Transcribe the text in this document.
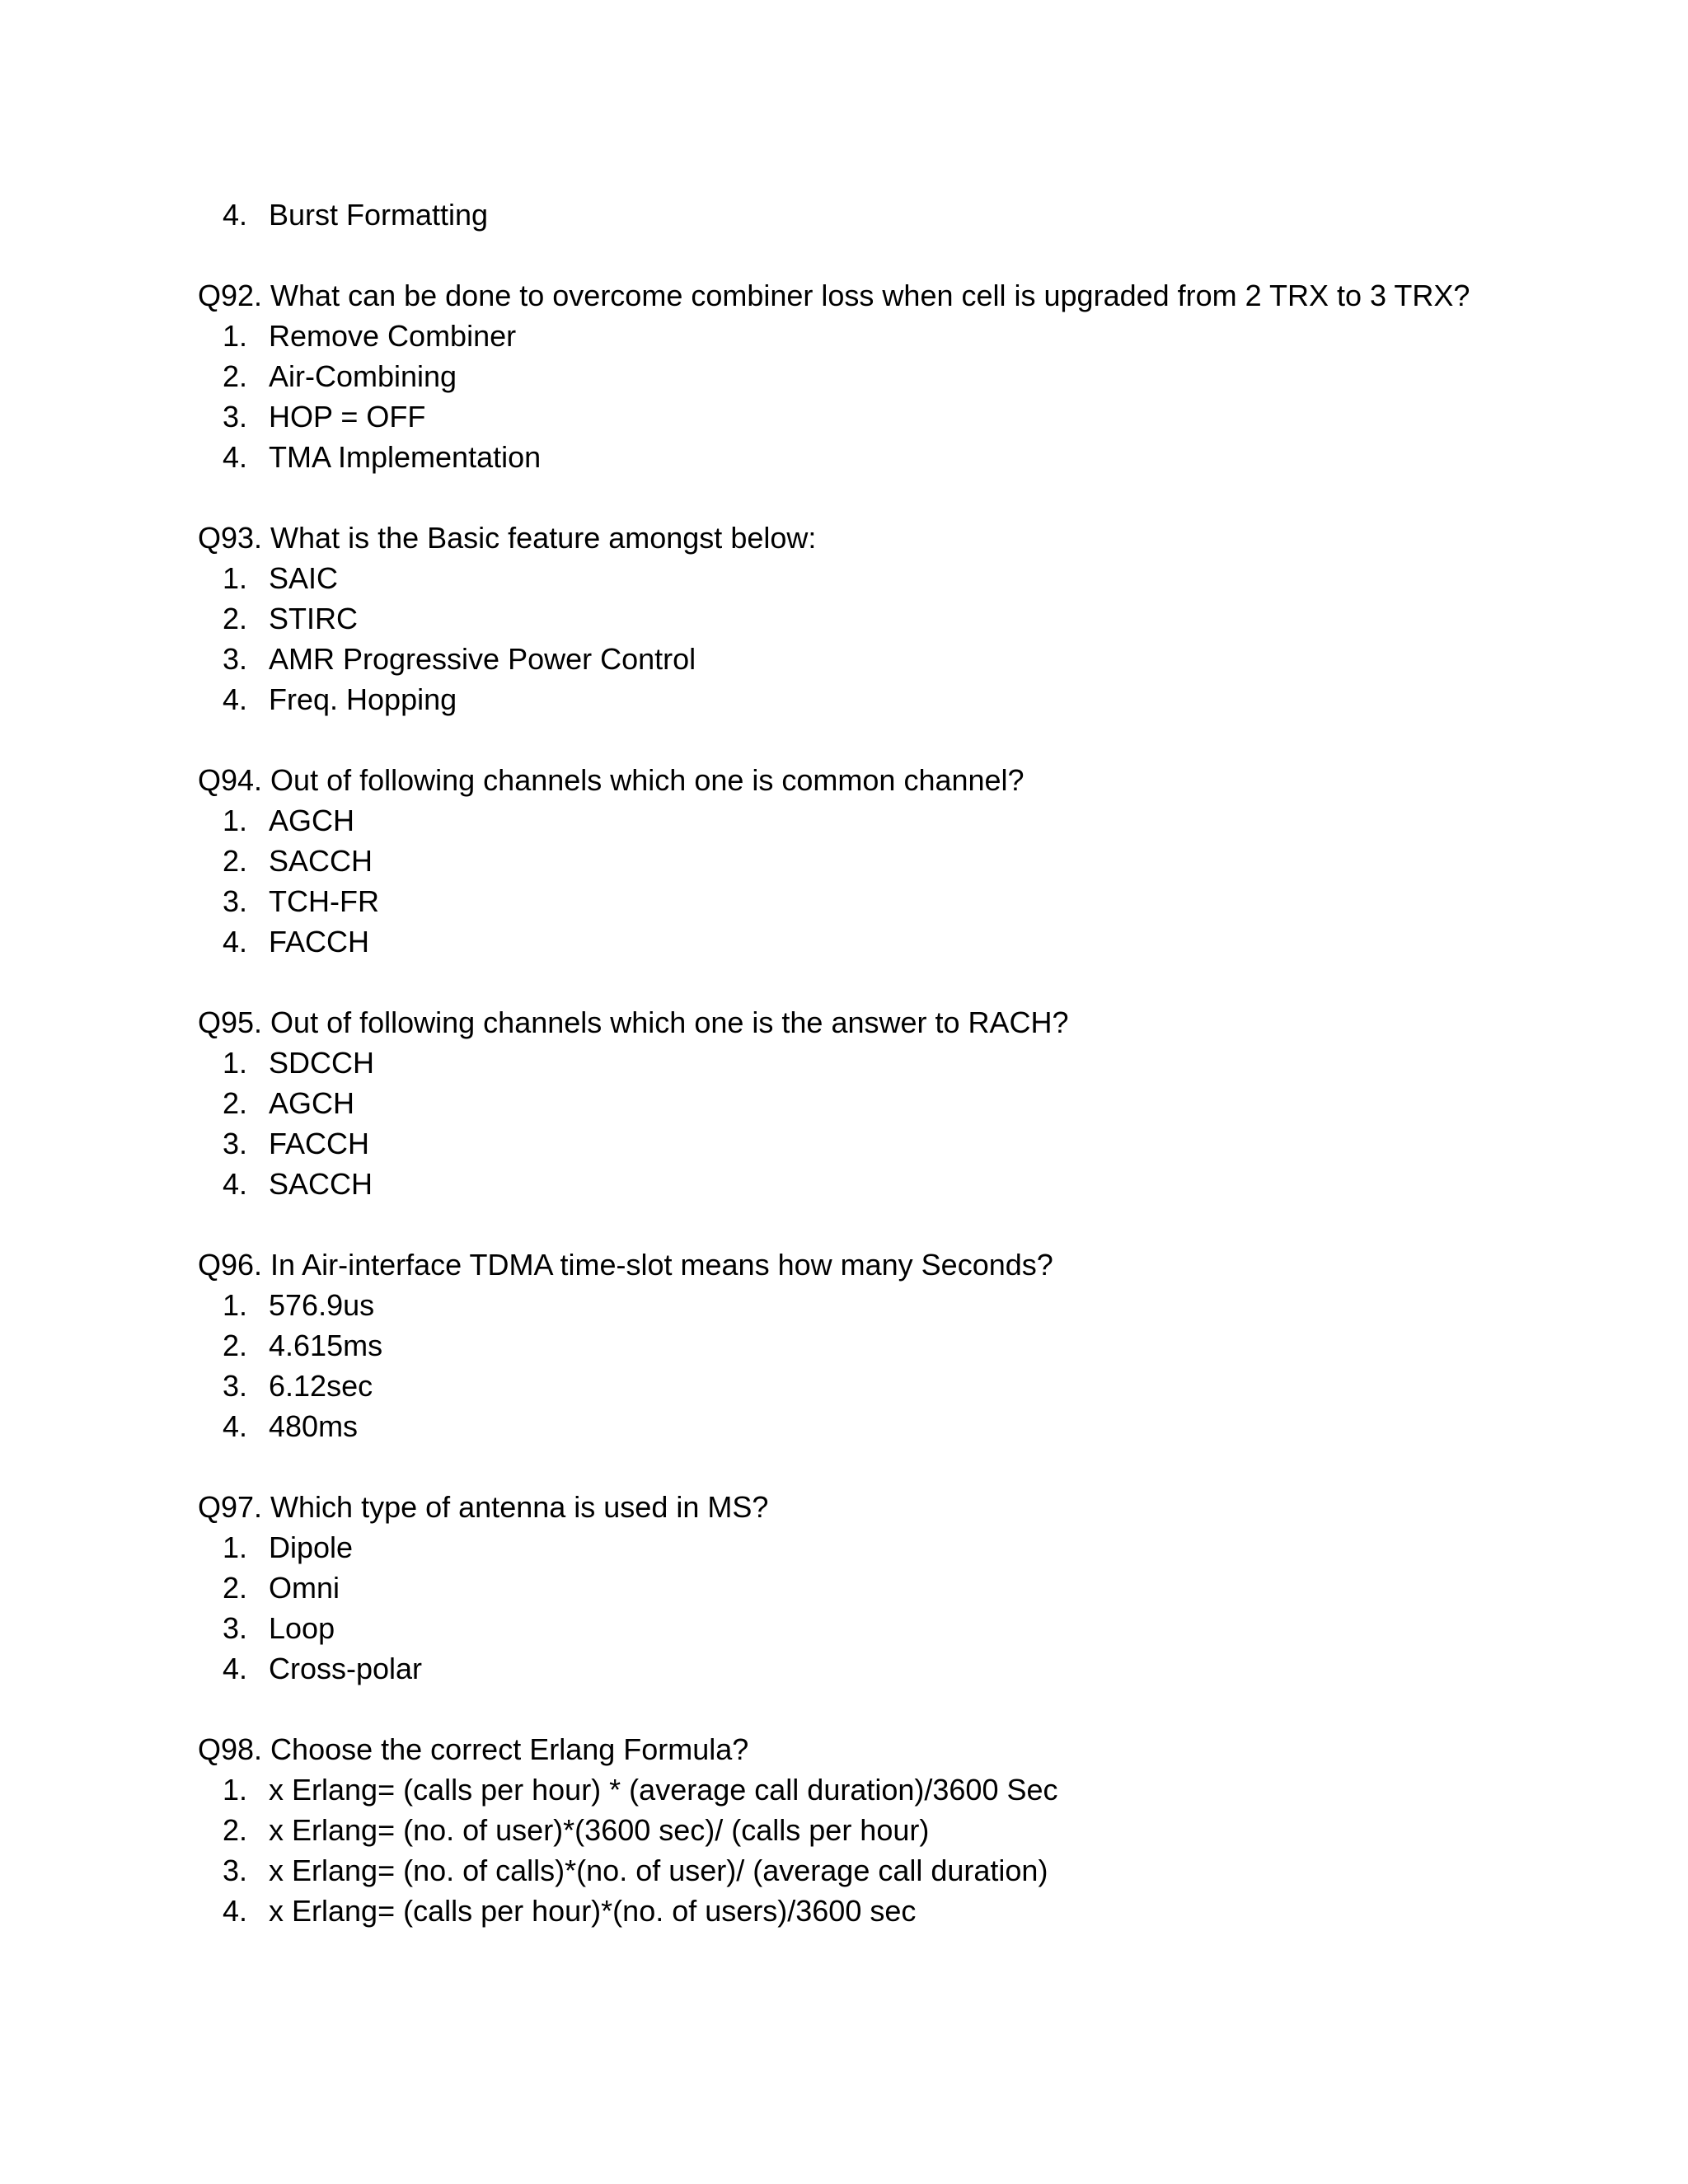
4. Burst Formatting
Q92. What can be done to overcome combiner loss when cell is upgraded from 2 TRX to 3 TRX?
1. Remove Combiner
2. Air-Combining
3. HOP = OFF
4. TMA Implementation
Q93. What is the Basic feature amongst below:
1. SAIC
2. STIRC
3. AMR Progressive Power Control
4. Freq. Hopping
Q94. Out of following channels which one is common channel?
1. AGCH
2. SACCH
3. TCH-FR
4. FACCH
Q95. Out of following channels which one is the answer to RACH?
1. SDCCH
2. AGCH
3. FACCH
4. SACCH
Q96. In Air-interface TDMA time-slot means how many Seconds?
1. 576.9us
2. 4.615ms
3. 6.12sec
4. 480ms
Q97. Which type of antenna is used in MS?
1. Dipole
2. Omni
3. Loop
4. Cross-polar
Q98. Choose the correct Erlang Formula?
1. x Erlang= (calls per hour) * (average call duration)/3600 Sec
2. x Erlang= (no. of user)*(3600 sec)/ (calls per hour)
3. x Erlang= (no. of calls)*(no. of user)/ (average call duration)
4. x Erlang= (calls per hour)*(no. of users)/3600 sec
